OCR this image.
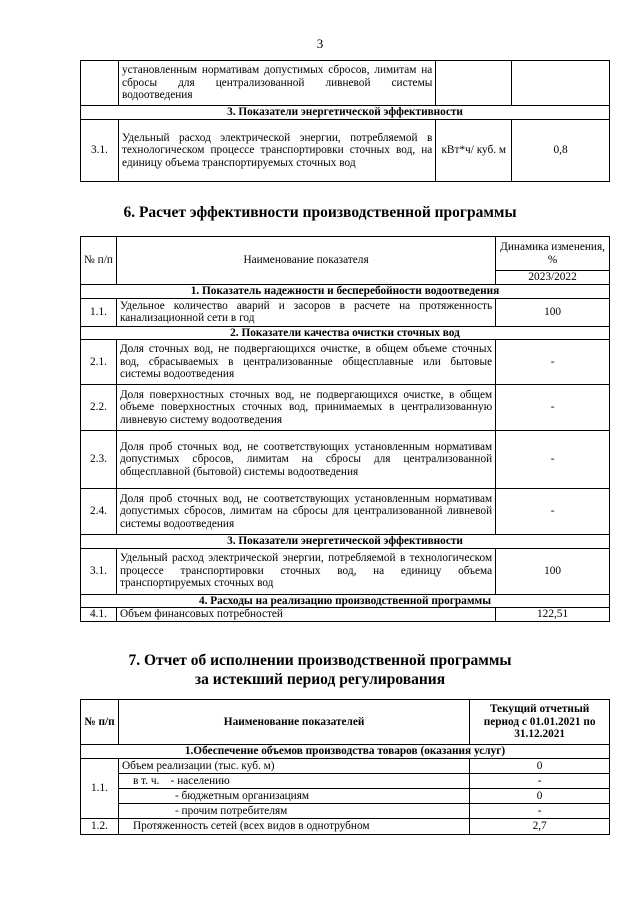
3
	установленным нормативам допустимых сбросов, лимитам на сбросы для централизованной ливневой системы водоотведения		
3. Показатели энергетической эффективности			
3.1.	Удельный расход электрической энергии, потребляемой в технологическом процессе транспортировки сточных вод, на единицу объема транспортируемых сточных вод	кВт*ч/ куб. м	0,8
6. Расчет эффективности производственной программы
№ п/п	Наименование показателя	Динамика изменения, %
		2023/2022
1. Показатель надежности и бесперебойности водоотведения		
1.1.	Удельное количество аварий и засоров в расчете на протяженность канализационной сети в год	100
2. Показатели качества очистки сточных вод		
2.1.	Доля сточных вод, не подвергающихся очистке, в общем объеме сточных вод, сбрасываемых в централизованные общесплавные или бытовые системы водоотведения	-
2.2.	Доля поверхностных сточных вод, не подвергающихся очистке, в общем объеме поверхностных сточных вод, принимаемых в централизованную ливневую систему водоотведения	-
2.3.	Доля проб сточных вод, не соответствующих установленным нормативам допустимых сбросов, лимитам на сбросы для централизованной общесплавной (бытовой) системы водоотведения	-
2.4.	Доля проб сточных вод, не соответствующих установленным нормативам допустимых сбросов, лимитам на сбросы для централизованной ливневой системы водоотведения	-
3. Показатели энергетической эффективности		
3.1.	Удельный расход электрической энергии, потребляемой в технологическом процессе транспортировки сточных вод, на единицу объема транспортируемых сточных вод	100
4. Расходы на реализацию производственной программы		
4.1.	Объем финансовых потребностей	122,51
7. Отчет об исполнении производственной программы
за истекший период регулирования
№ п/п	Наименование показателей	Текущий отчетный период с 01.01.2021 по 31.12.2021
1.Обеспечение объемов производства товаров (оказания услуг)		
1.1.	Объем реализации (тыс. куб. м)	0
	в т. ч.    - населению	-
	- бюджетным организациям	0
	- прочим потребителям	-
1.2.	Протяженность сетей (всех видов в однотрубном	2,7
